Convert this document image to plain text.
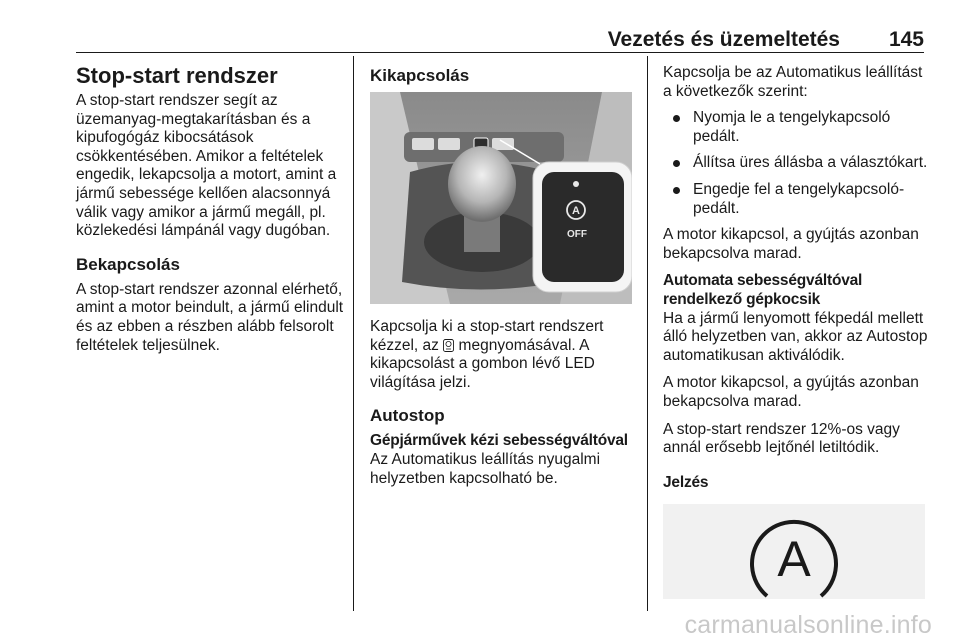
Vezetés és üzemeltetés 145
Stop-start rendszer

A stop-start rendszer segít az üzemanyag-megtakarításban és a kipufogógáz kibocsátások csökkentésében. Amikor a feltételek engedik, lekapcsolja a motort, amint a jármű sebessége kellően alacsonnyá válik vagy amikor a jármű megáll, pl. közlekedési lámpánál vagy dugóban.

Bekapcsolás

A stop-start rendszer azonnal elérhető, amint a motor beindult, a jármű elindult és az ebben a részben alább felsorolt feltételek teljesülnek.

Kikapcsolás
A
OFF

Kapcsolja ki a stop-start rendszert kézzel, az megnyomásával. A kikapcsolást a gombon lévő LED világítása jelzi.

Autostop
Gépjárművek kézi sebességváltóval

Az Automatikus leállítás nyugalmi helyzetben kapcsolható be.

Kapcsolja be az Automatikus leállítást a következők szerint:

Nyomja le a tengelykapcsoló pedált.
Állítsa üres állásba a választókart.
Engedje fel a tengelykapcsoló-pedált.

A motor kikapcsol, a gyújtás azonban bekapcsolva marad.

Automata sebességváltóval rendelkező gépkocsik

Ha a jármű lenyomott fékpedál mellett álló helyzetben van, akkor az Autostop automatikusan aktiválódik.

A motor kikapcsol, a gyújtás azonban bekapcsolva marad.

A stop-start rendszer 12%-os vagy annál erősebb lejtőnél letiltódik.

Jelzés
A
carmanualsonline.info
